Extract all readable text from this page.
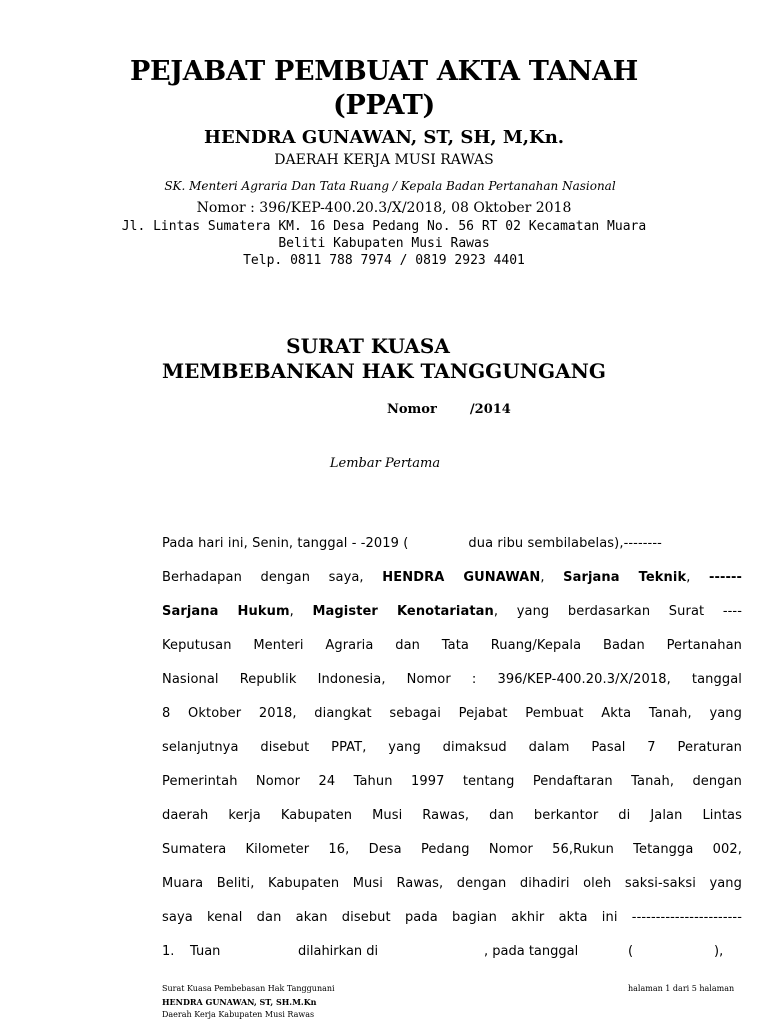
PEJABAT PEMBUAT AKTA TANAH
(PPAT)
HENDRA GUNAWAN, ST, SH, M,Kn.
DAERAH KERJA MUSI RAWAS
SK. Menteri Agraria Dan Tata Ruang / Kepala Badan Pertanahan Nasional
Nomor : 396/KEP-400.20.3/X/2018, 08 Oktober 2018
Jl. Lintas Sumatera KM. 16 Desa Pedang No. 56 RT 02 Kecamatan Muara
Beliti Kabupaten Musi Rawas
Telp. 0811 788 7974 / 0819 2923 4401
SURAT KUASA
MEMBEBANKAN HAK TANGGUNGANG
Nomor	/2014
Lembar Pertama
Pada hari ini, Senin, tanggal - -2019 (	dua ribu sembilabelas),--------
Berhadapan dengan saya, HENDRA GUNAWAN, Sarjana Teknik, ------
Sarjana Hukum, Magister Kenotariatan, yang berdasarkan Surat ----
Keputusan Menteri Agraria dan Tata Ruang/Kepala Badan Pertanahan
Nasional Republik Indonesia, Nomor : 396/KEP-400.20.3/X/2018, tanggal
8 Oktober 2018, diangkat sebagai Pejabat Pembuat Akta Tanah, yang
selanjutnya disebut PPAT, yang dimaksud dalam Pasal 7 Peraturan
Pemerintah Nomor 24 Tahun 1997 tentang Pendaftaran Tanah, dengan
daerah kerja Kabupaten Musi Rawas, dan berkantor di Jalan Lintas
Sumatera Kilometer 16, Desa Pedang Nomor 56,Rukun Tetangga 002,
Muara Beliti, Kabupaten Musi Rawas, dengan dihadiri oleh saksi-saksi yang
saya kenal dan akan disebut pada bagian akhir akta ini -----------------------
1. Tuan	dilahirkan di	, pada tanggal	(	),
Surat Kuasa Pembebasan Hak Tanggunani
HENDRA GUNAWAN, ST, SH.M.Kn
Daerah Kerja Kabupaten Musi Rawas
halaman 1 dari 5 halaman
